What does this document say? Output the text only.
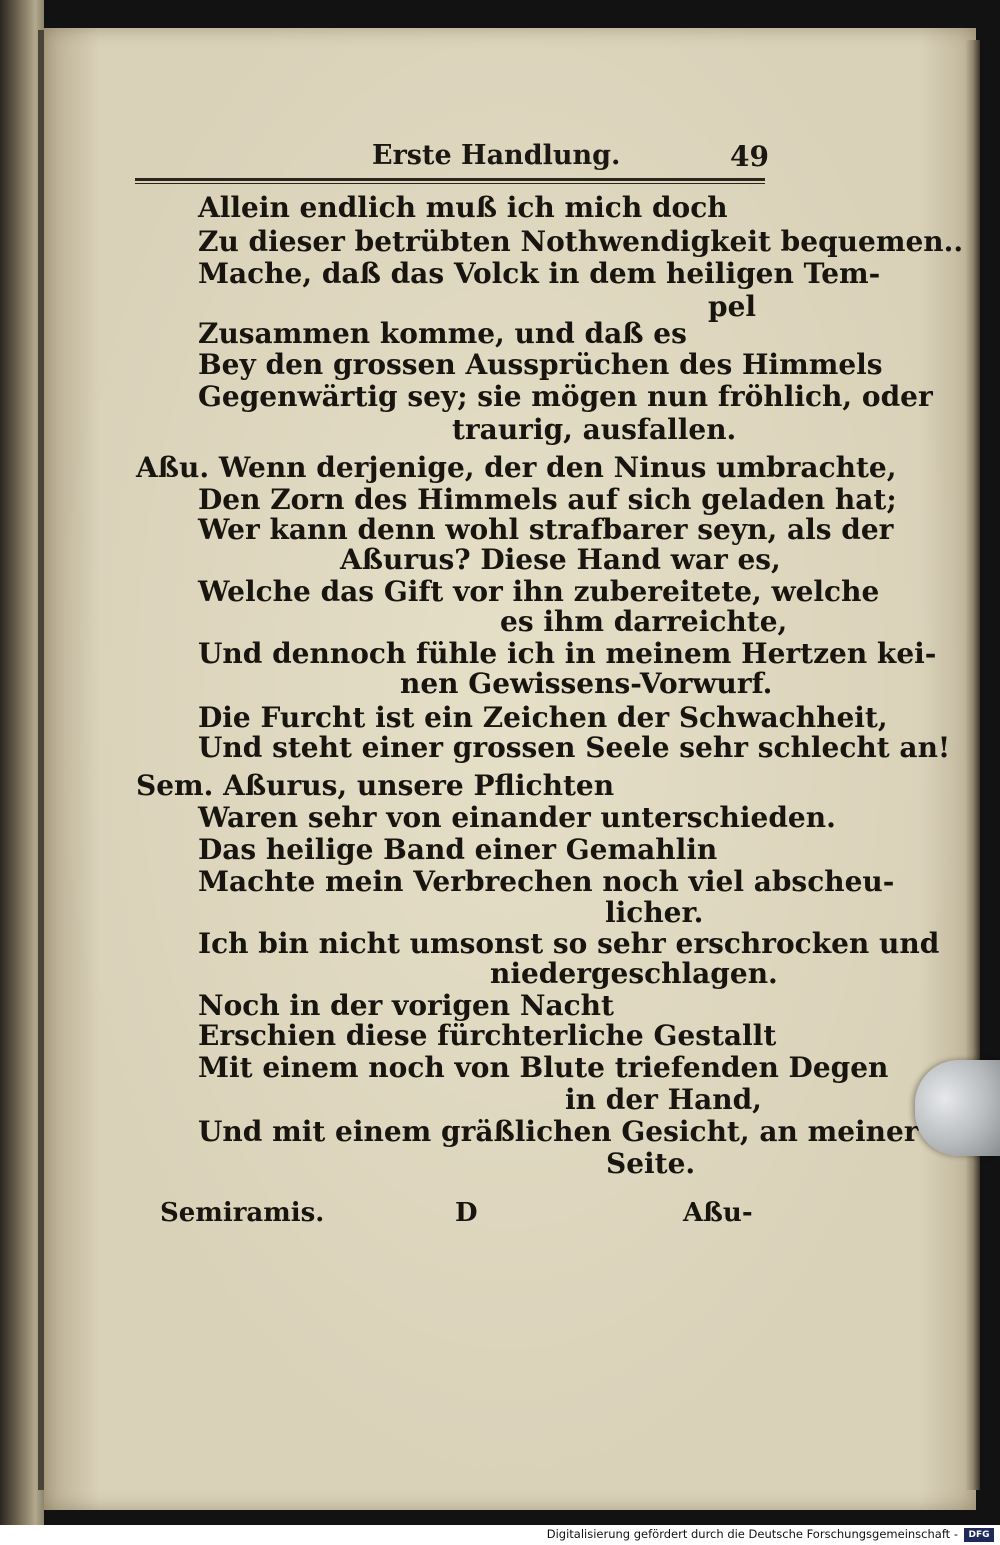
Erste Handlung.	49
Allein endlich muß ich mich doch
Zu dieser betrübten Nothwendigkeit bequemen..
Mache, daß das Volck in dem heiligen Tem-
pel
Zusammen komme, und daß es
Bey den grossen Aussprüchen des Himmels
Gegenwärtig sey; sie mögen nun fröhlich, oder
traurig, ausfallen.
Aßu. Wenn derjenige, der den Ninus umbrachte,
Den Zorn des Himmels auf sich geladen hat;
Wer kann denn wohl strafbarer seyn, als der
Aßurus? Diese Hand war es,
Welche das Gift vor ihn zubereitete, welche
es ihm darreichte,
Und dennoch fühle ich in meinem Hertzen kei-
nen Gewissens-Vorwurf.
Die Furcht ist ein Zeichen der Schwachheit,
Und steht einer grossen Seele sehr schlecht an!
Sem. Aßurus, unsere Pflichten
Waren sehr von einander unterschieden.
Das heilige Band einer Gemahlin
Machte mein Verbrechen noch viel abscheu-
licher.
Ich bin nicht umsonst so sehr erschrocken und
niedergeschlagen.
Noch in der vorigen Nacht
Erschien diese fürchterliche Gestallt
Mit einem noch von Blute triefenden Degen
in der Hand,
Und mit einem gräßlichen Gesicht, an meiner
Seite.
Semiramis.	D	Aßu-
Digitalisierung gefördert durch die Deutsche Forschungsgemeinschaft -	DFG
